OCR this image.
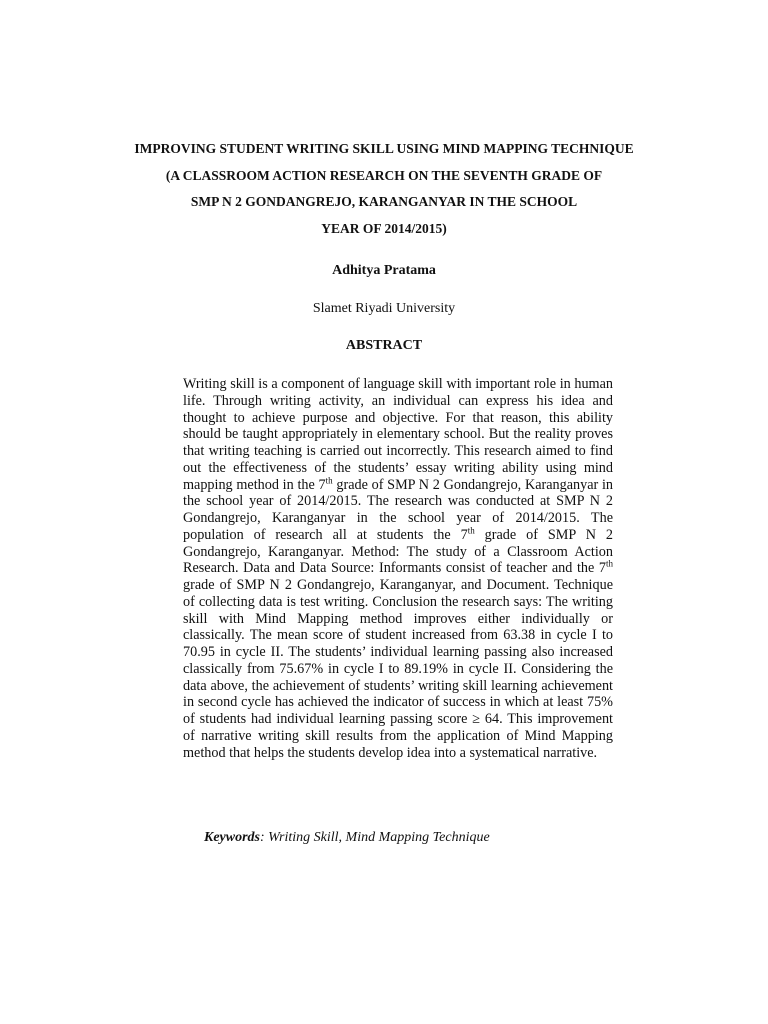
IMPROVING STUDENT WRITING SKILL USING MIND MAPPING TECHNIQUE
(A CLASSROOM ACTION RESEARCH ON THE SEVENTH GRADE OF
SMP N 2 GONDANGREJO, KARANGANYAR IN THE SCHOOL
YEAR OF 2014/2015)
Adhitya Pratama
Slamet Riyadi University
ABSTRACT

Writing skill is a component of language skill with important role in human life. Through writing activity, an individual can express his idea and thought to achieve purpose and objective. For that reason, this ability should be taught appropriately in elementary school. But the reality proves that writing teaching is carried out incorrectly. This research aimed to find out the effectiveness of the students’ essay writing ability using mind mapping method in the 7th grade of SMP N 2 Gondangrejo, Karanganyar in the school year of 2014/2015. The research was conducted at SMP N 2 Gondangrejo, Karanganyar in the school year of 2014/2015. The population of research all at students the 7th grade of SMP N 2 Gondangrejo, Karanganyar. Method: The study of a Classroom Action Research. Data and Data Source: Informants consist of teacher and the 7th grade of SMP N 2 Gondangrejo, Karanganyar, and Document. Technique of collecting data is test writing. Conclusion the research says: The writing skill with Mind Mapping method improves either individually or classically. The mean score of student increased from 63.38 in cycle I to 70.95 in cycle II. The students’ individual learning passing also increased classically from 75.67% in cycle I to 89.19% in cycle II. Considering the data above, the achievement of students’ writing skill learning achievement in second cycle has achieved the indicator of success in which at least 75% of students had individual learning passing score ≥ 64. This improvement of narrative writing skill results from the application of Mind Mapping method that helps the students develop idea into a systematical narrative.

Keywords: Writing Skill, Mind Mapping Technique
